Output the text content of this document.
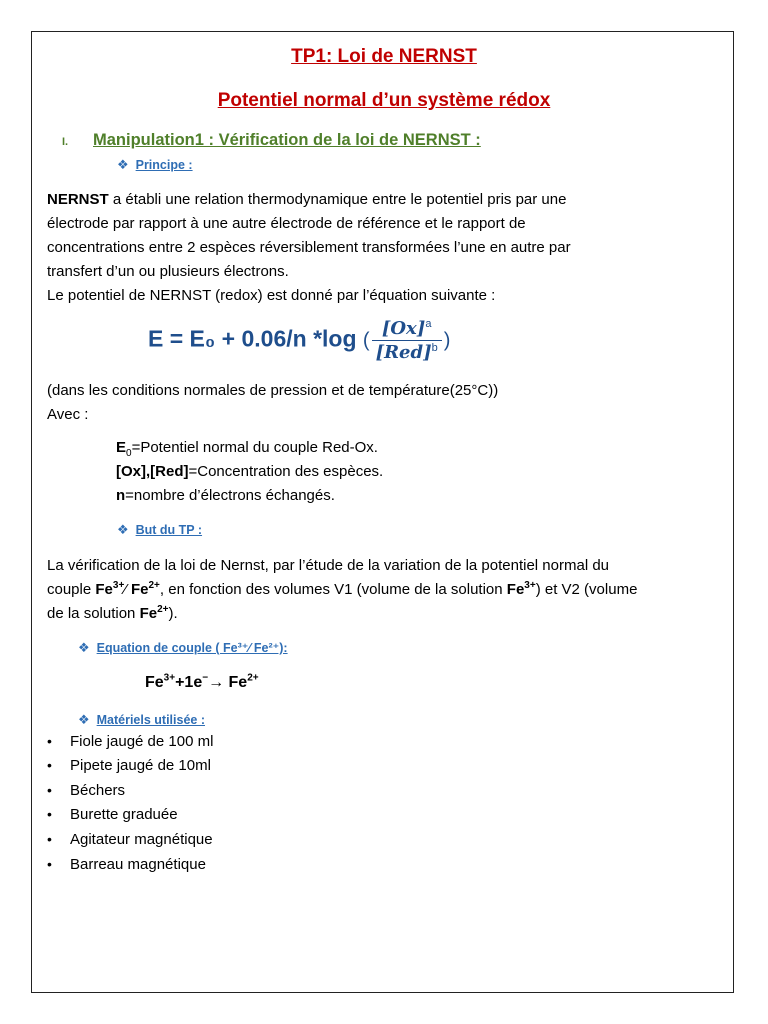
TP1: Loi de NERNST
Potentiel normal d’un système rédox
I. Manipulation1 : Vérification de la loi de NERNST :
❖ Principe :
NERNST a établi une relation thermodynamique entre le potentiel pris par une
électrode par rapport à une autre électrode de référence et le rapport de
concentrations entre 2 espèces réversiblement transformées l’une en autre par
transfert d’un ou plusieurs électrons.
Le potentiel de NERNST (redox) est donné par l’équation suivante :
E = E₀ + 0.06/n *log ( $\frac{[Ox]^a}{[Red]^b}$ )
(dans les conditions normales de pression et de température(25°C))
Avec :
$E_0=Potentiel$ normal du couple Red-Ox.
[Ox],[Red]=Concentration des espèces.
n=nombre d’électrons échangés.
❖ But du TP :
La vérification de la loi de Nernst, par l’étude de la variation de la potentiel normal du
couple $Fe^{3+}⁄$ $Fe^{2+}$, en fonction des volumes V1 (volume de la solution $Fe^{3+}$) et V2 (volume
de la solution $Fe^{2+}$).
❖ Equation de couple ( Fe³⁺⁄ Fe²⁺):
$Fe^{3+}+1e^-\to Fe^{2+}$
❖ Matériels utilisée :
• Fiole jaugé de 100 ml
• Pipete jaugé de 10ml
• Béchers
• Burette graduée
• Agitateur magnétique
• Barreau magnétique
